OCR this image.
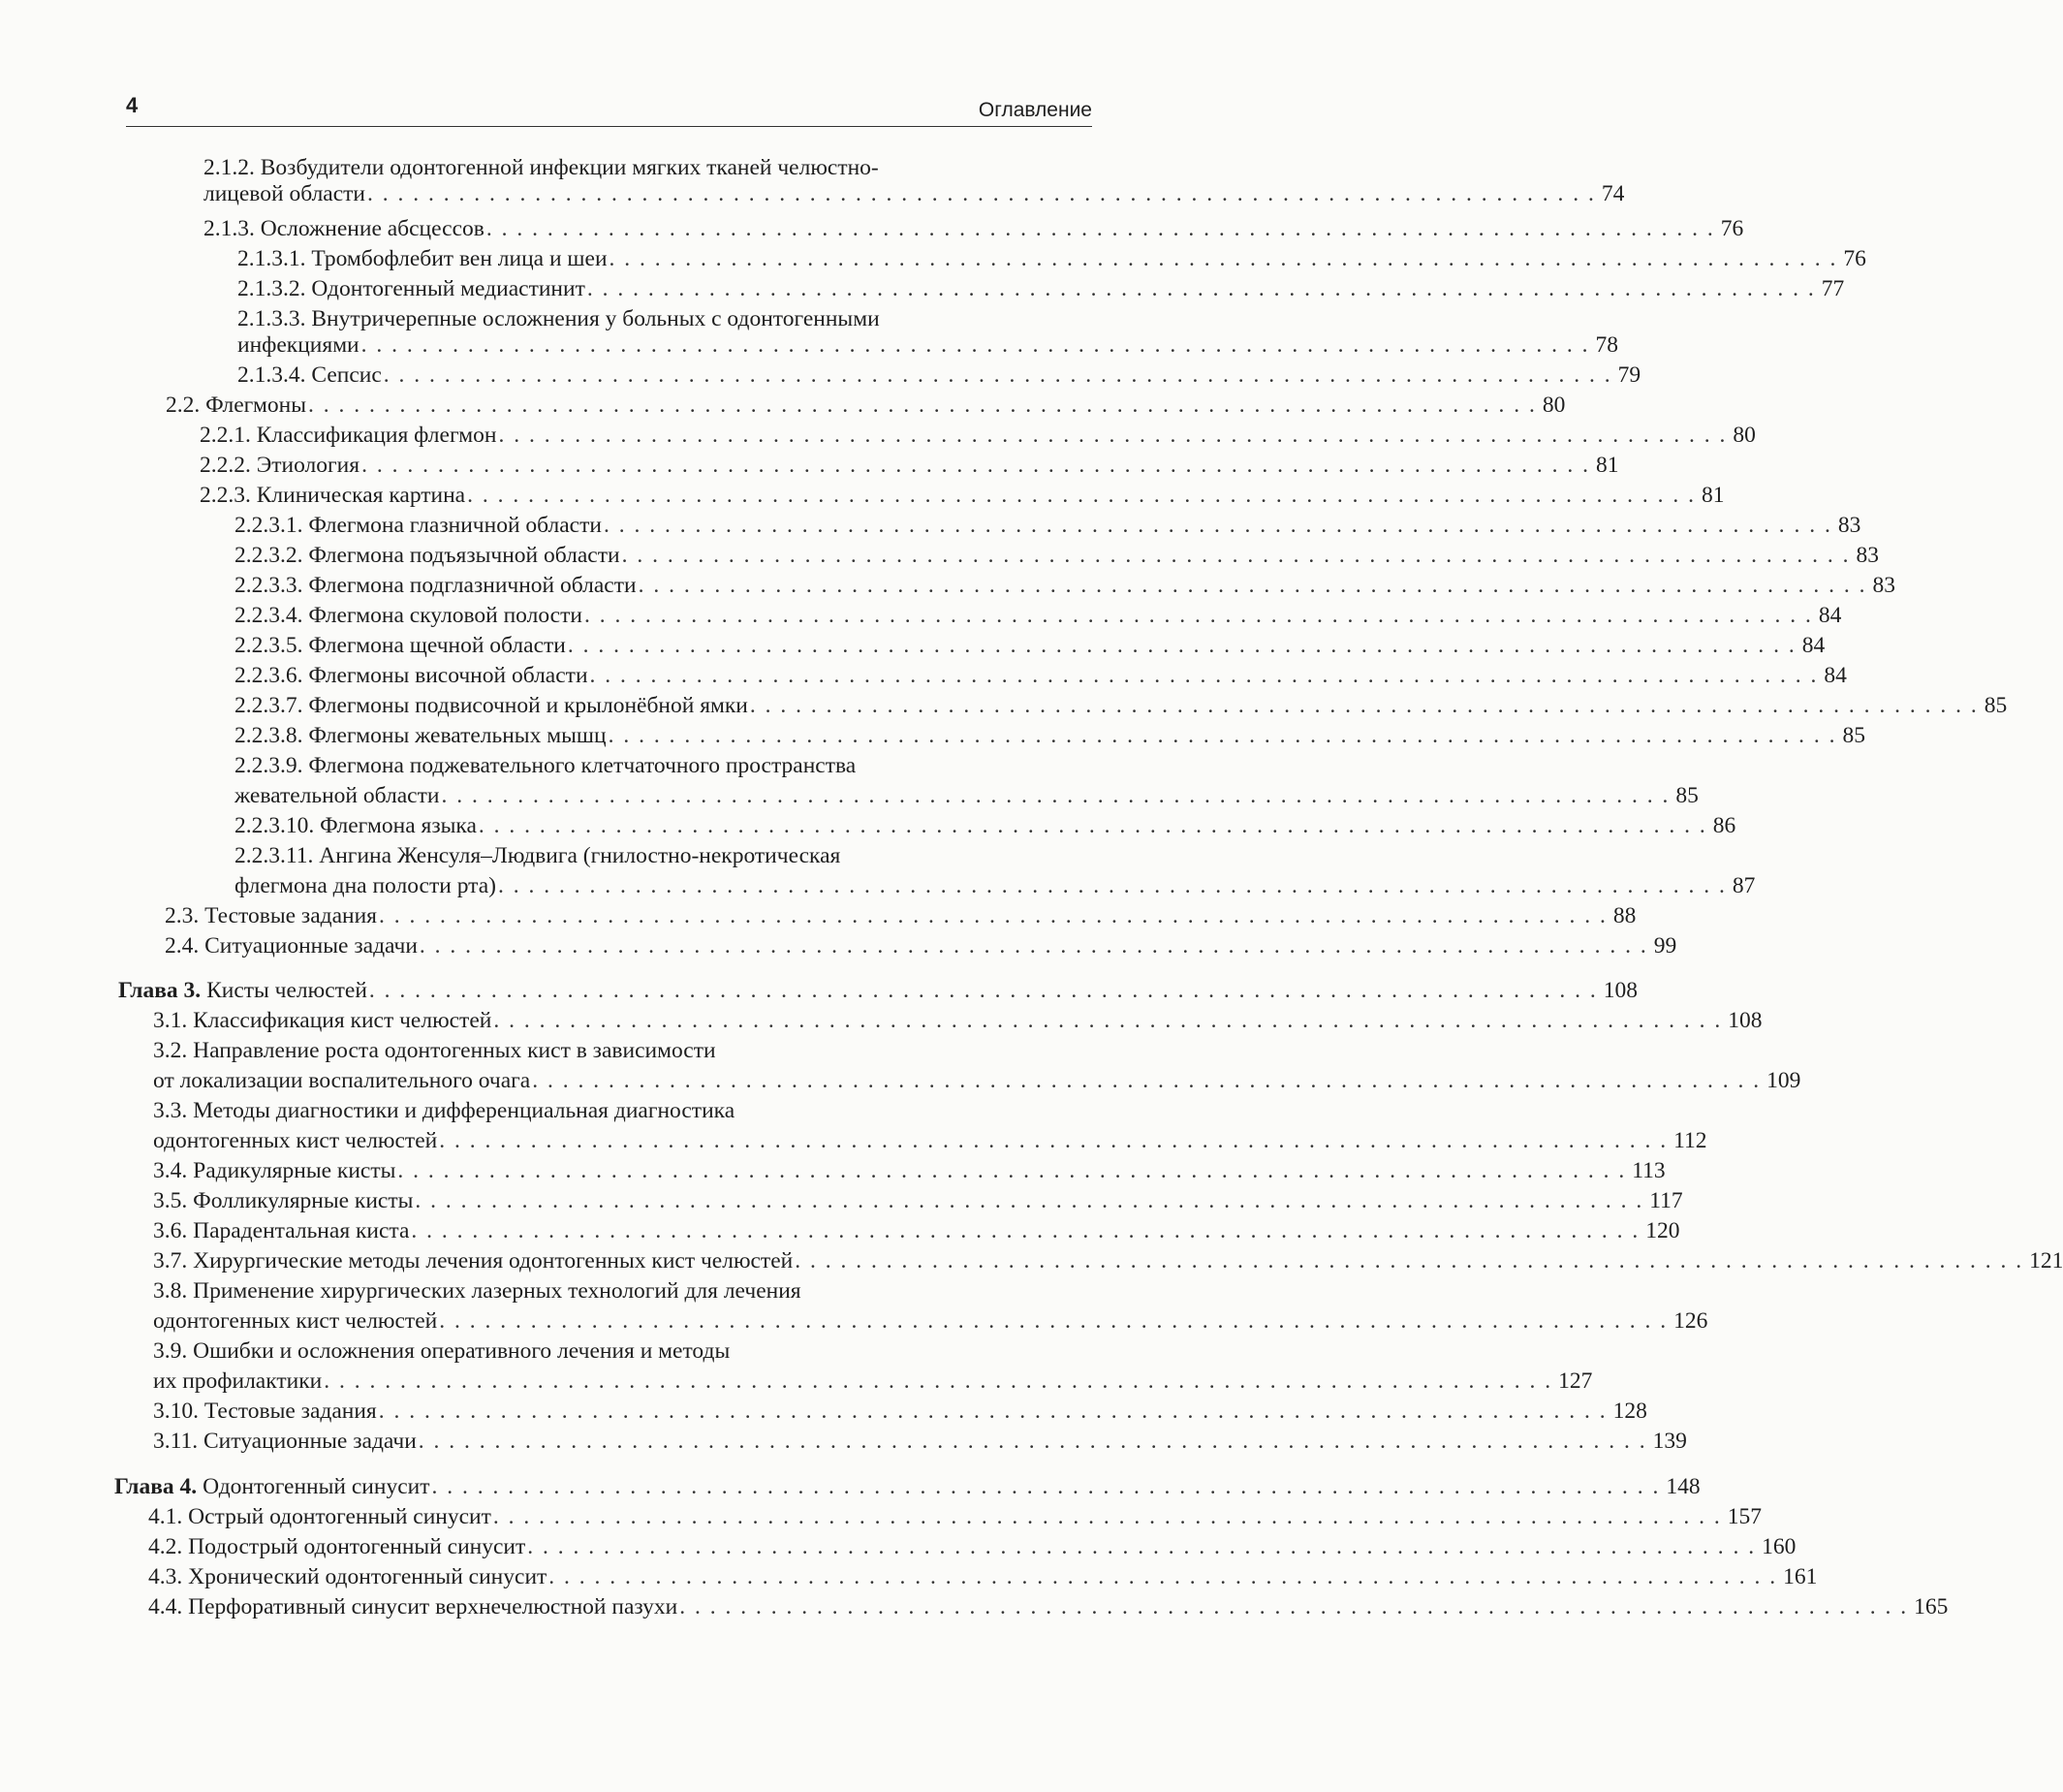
4	Оглавление
2.1.2. Возбудители одонтогенной инфекции мягких тканей челюстно-
лицевой области . . . . . . . . . . . . . . . . . . . . . . . . . . . . . . . . . . . . . . . . . . . . . . . . . . . . . . . . . . . . . . . . . . . . . . . . . . . . . . . . . 74
2.1.3. Осложнение абсцессов . . . . . . . . . . . . . . . . . . . . . . . . . . . . . . . . . . . . . . . . . . . . . . . . . . . . . . . . . . . . . . . . . . . . . . . . . . . . . . . . . 76
2.1.3.1. Тромбофлебит вен лица и шеи . . . . . . . . . . . . . . . . . . . . . . . . . . . . . . . . . . . . . . . . . . . . . . . . . . . . . . . . . . . . . . . . . . . . . . . . . . . . . . . . . 76
2.1.3.2. Одонтогенный медиастинит . . . . . . . . . . . . . . . . . . . . . . . . . . . . . . . . . . . . . . . . . . . . . . . . . . . . . . . . . . . . . . . . . . . . . . . . . . . . . . . . . 77
2.1.3.3. Внутричерепные осложнения у больных с одонтогенными
инфекциями . . . . . . . . . . . . . . . . . . . . . . . . . . . . . . . . . . . . . . . . . . . . . . . . . . . . . . . . . . . . . . . . . . . . . . . . . . . . . . . . . 78
2.1.3.4. Сепсис . . . . . . . . . . . . . . . . . . . . . . . . . . . . . . . . . . . . . . . . . . . . . . . . . . . . . . . . . . . . . . . . . . . . . . . . . . . . . . . . . 79
2.2. Флегмоны . . . . . . . . . . . . . . . . . . . . . . . . . . . . . . . . . . . . . . . . . . . . . . . . . . . . . . . . . . . . . . . . . . . . . . . . . . . . . . . . . 80
2.2.1. Классификация флегмон . . . . . . . . . . . . . . . . . . . . . . . . . . . . . . . . . . . . . . . . . . . . . . . . . . . . . . . . . . . . . . . . . . . . . . . . . . . . . . . . . 80
2.2.2. Этиология . . . . . . . . . . . . . . . . . . . . . . . . . . . . . . . . . . . . . . . . . . . . . . . . . . . . . . . . . . . . . . . . . . . . . . . . . . . . . . . . . 81
2.2.3. Клиническая картина . . . . . . . . . . . . . . . . . . . . . . . . . . . . . . . . . . . . . . . . . . . . . . . . . . . . . . . . . . . . . . . . . . . . . . . . . . . . . . . . . 81
2.2.3.1. Флегмона глазничной области . . . . . . . . . . . . . . . . . . . . . . . . . . . . . . . . . . . . . . . . . . . . . . . . . . . . . . . . . . . . . . . . . . . . . . . . . . . . . . . . . 83
2.2.3.2. Флегмона подъязычной области . . . . . . . . . . . . . . . . . . . . . . . . . . . . . . . . . . . . . . . . . . . . . . . . . . . . . . . . . . . . . . . . . . . . . . . . . . . . . . . . . 83
2.2.3.3. Флегмона подглазничной области . . . . . . . . . . . . . . . . . . . . . . . . . . . . . . . . . . . . . . . . . . . . . . . . . . . . . . . . . . . . . . . . . . . . . . . . . . . . . . . . . 83
2.2.3.4. Флегмона скуловой полости . . . . . . . . . . . . . . . . . . . . . . . . . . . . . . . . . . . . . . . . . . . . . . . . . . . . . . . . . . . . . . . . . . . . . . . . . . . . . . . . . 84
2.2.3.5. Флегмона щечной области . . . . . . . . . . . . . . . . . . . . . . . . . . . . . . . . . . . . . . . . . . . . . . . . . . . . . . . . . . . . . . . . . . . . . . . . . . . . . . . . . 84
2.2.3.6. Флегмоны височной области . . . . . . . . . . . . . . . . . . . . . . . . . . . . . . . . . . . . . . . . . . . . . . . . . . . . . . . . . . . . . . . . . . . . . . . . . . . . . . . . . 84
2.2.3.7. Флегмоны подвисочной и крылонёбной ямки . . . . . . . . . . . . . . . . . . . . . . . . . . . . . . . . . . . . . . . . . . . . . . . . . . . . . . . . . . . . . . . . . . . . . . . . . . . . . . . . . 85
2.2.3.8. Флегмоны жевательных мышц . . . . . . . . . . . . . . . . . . . . . . . . . . . . . . . . . . . . . . . . . . . . . . . . . . . . . . . . . . . . . . . . . . . . . . . . . . . . . . . . . 85
2.2.3.9. Флегмона поджевательного клетчаточного пространства
жевательной области . . . . . . . . . . . . . . . . . . . . . . . . . . . . . . . . . . . . . . . . . . . . . . . . . . . . . . . . . . . . . . . . . . . . . . . . . . . . . . . . . 85
2.2.3.10. Флегмона языка . . . . . . . . . . . . . . . . . . . . . . . . . . . . . . . . . . . . . . . . . . . . . . . . . . . . . . . . . . . . . . . . . . . . . . . . . . . . . . . . . 86
2.2.3.11. Ангина Женсуля–Людвига (гнилостно-некротическая
флегмона дна полости рта) . . . . . . . . . . . . . . . . . . . . . . . . . . . . . . . . . . . . . . . . . . . . . . . . . . . . . . . . . . . . . . . . . . . . . . . . . . . . . . . . . 87
2.3. Тестовые задания . . . . . . . . . . . . . . . . . . . . . . . . . . . . . . . . . . . . . . . . . . . . . . . . . . . . . . . . . . . . . . . . . . . . . . . . . . . . . . . . . 88
2.4. Ситуационные задачи . . . . . . . . . . . . . . . . . . . . . . . . . . . . . . . . . . . . . . . . . . . . . . . . . . . . . . . . . . . . . . . . . . . . . . . . . . . . . . . . . 99
Глава 3. Кисты челюстей . . . . . . . . . . . . . . . . . . . . . . . . . . . . . . . . . . . . . . . . . . . . . . . . . . . . . . . . . . . . . . . . . . . . . . . . . . . . . . . . . 108
3.1. Классификация кист челюстей . . . . . . . . . . . . . . . . . . . . . . . . . . . . . . . . . . . . . . . . . . . . . . . . . . . . . . . . . . . . . . . . . . . . . . . . . . . . . . . . . 108
3.2. Направление роста одонтогенных кист в зависимости
от локализации воспалительного очага . . . . . . . . . . . . . . . . . . . . . . . . . . . . . . . . . . . . . . . . . . . . . . . . . . . . . . . . . . . . . . . . . . . . . . . . . . . . . . . . . 109
3.3. Методы диагностики и дифференциальная диагностика
одонтогенных кист челюстей . . . . . . . . . . . . . . . . . . . . . . . . . . . . . . . . . . . . . . . . . . . . . . . . . . . . . . . . . . . . . . . . . . . . . . . . . . . . . . . . . 112
3.4. Радикулярные кисты . . . . . . . . . . . . . . . . . . . . . . . . . . . . . . . . . . . . . . . . . . . . . . . . . . . . . . . . . . . . . . . . . . . . . . . . . . . . . . . . . 113
3.5. Фолликулярные кисты . . . . . . . . . . . . . . . . . . . . . . . . . . . . . . . . . . . . . . . . . . . . . . . . . . . . . . . . . . . . . . . . . . . . . . . . . . . . . . . . . 117
3.6. Парадентальная киста . . . . . . . . . . . . . . . . . . . . . . . . . . . . . . . . . . . . . . . . . . . . . . . . . . . . . . . . . . . . . . . . . . . . . . . . . . . . . . . . . 120
3.7. Хирургические методы лечения одонтогенных кист челюстей . . . . . . . . . . . . . . . . . . . . . . . . . . . . . . . . . . . . . . . . . . . . . . . . . . . . . . . . . . . . . . . . . . . . . . . . . . . . . . . . . 121
3.8. Применение хирургических лазерных технологий для лечения
одонтогенных кист челюстей . . . . . . . . . . . . . . . . . . . . . . . . . . . . . . . . . . . . . . . . . . . . . . . . . . . . . . . . . . . . . . . . . . . . . . . . . . . . . . . . . 126
3.9. Ошибки и осложнения оперативного лечения и методы
их профилактики . . . . . . . . . . . . . . . . . . . . . . . . . . . . . . . . . . . . . . . . . . . . . . . . . . . . . . . . . . . . . . . . . . . . . . . . . . . . . . . . . 127
3.10. Тестовые задания . . . . . . . . . . . . . . . . . . . . . . . . . . . . . . . . . . . . . . . . . . . . . . . . . . . . . . . . . . . . . . . . . . . . . . . . . . . . . . . . . 128
3.11. Ситуационные задачи . . . . . . . . . . . . . . . . . . . . . . . . . . . . . . . . . . . . . . . . . . . . . . . . . . . . . . . . . . . . . . . . . . . . . . . . . . . . . . . . . 139
Глава 4. Одонтогенный синусит . . . . . . . . . . . . . . . . . . . . . . . . . . . . . . . . . . . . . . . . . . . . . . . . . . . . . . . . . . . . . . . . . . . . . . . . . . . . . . . . . 148
4.1. Острый одонтогенный синусит . . . . . . . . . . . . . . . . . . . . . . . . . . . . . . . . . . . . . . . . . . . . . . . . . . . . . . . . . . . . . . . . . . . . . . . . . . . . . . . . . 157
4.2. Подострый одонтогенный синусит . . . . . . . . . . . . . . . . . . . . . . . . . . . . . . . . . . . . . . . . . . . . . . . . . . . . . . . . . . . . . . . . . . . . . . . . . . . . . . . . . 160
4.3. Хронический одонтогенный синусит . . . . . . . . . . . . . . . . . . . . . . . . . . . . . . . . . . . . . . . . . . . . . . . . . . . . . . . . . . . . . . . . . . . . . . . . . . . . . . . . . 161
4.4. Перфоративный синусит верхнечелюстной пазухи . . . . . . . . . . . . . . . . . . . . . . . . . . . . . . . . . . . . . . . . . . . . . . . . . . . . . . . . . . . . . . . . . . . . . . . . . . . . . . . . . 165
